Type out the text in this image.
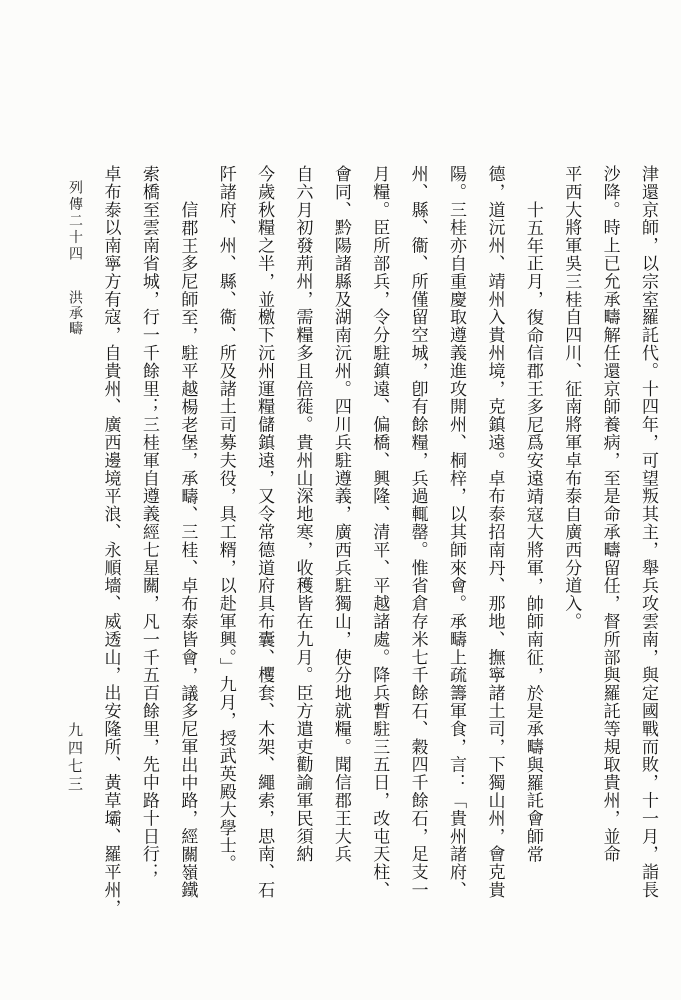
列傳二十四
洪承疇	津還京師，以宗室羅託代。十四年，可望叛其主，舉兵攻雲南，與定國戰而敗，十一月，詣長
沙降。時上已允承疇解任還京師養病，至是命承疇留任，督所部與羅託等規取貴州，並命
平西大將軍吳三桂自四川、征南將軍卓布泰自廣西分道入。
十五年正月，復命信郡王多尼爲安遠靖寇大將軍，帥師南征，於是承疇與羅託會師常
德，道沅州、靖州入貴州境，克鎮遠。卓布泰招南丹、那地、撫寧諸土司，下獨山州，會克貴
陽。三桂亦自重慶取遵義進攻開州、桐梓，以其師來會。承疇上疏籌軍食，言：「貴州諸府、
州、縣、衞、所僅留空城，卽有餘糧，兵過輒罄。惟省倉存米七千餘石、穀四千餘石，足支一
月糧。臣所部兵，令分駐鎮遠、偏橋、興隆、清平、平越諸處。降兵暫駐三五日，改屯天柱、
會同、黔陽諸縣及湖南沅州。四川兵駐遵義，廣西兵駐獨山，使分地就糧。聞信郡王大兵
自六月初發荊州，需糧多且倍蓰。貴州山深地寒，收穫皆在九月。臣方遣吏勸諭軍民須納
今歲秋糧之半，並檄下沅州運糧儲鎮遠，又令常德道府具布囊、欔套、木架、繩索，思南、石
阡諸府、州、縣、衞、所及諸土司募夫役，具工糈，以赴軍興。」九月，授武英殿大學士。
信郡王多尼師至，駐平越楊老堡，承疇、三桂、卓布泰皆會，議多尼軍出中路，經關嶺鐵
索橋至雲南省城，行一千餘里；三桂軍自遵義經七星關，凡一千五百餘里，先中路十日行；
卓布泰以南寧方有寇，自貴州、廣西邊境平浪、永順墻、威透山，出安隆所、黃草壩、羅平州，
九四七三
